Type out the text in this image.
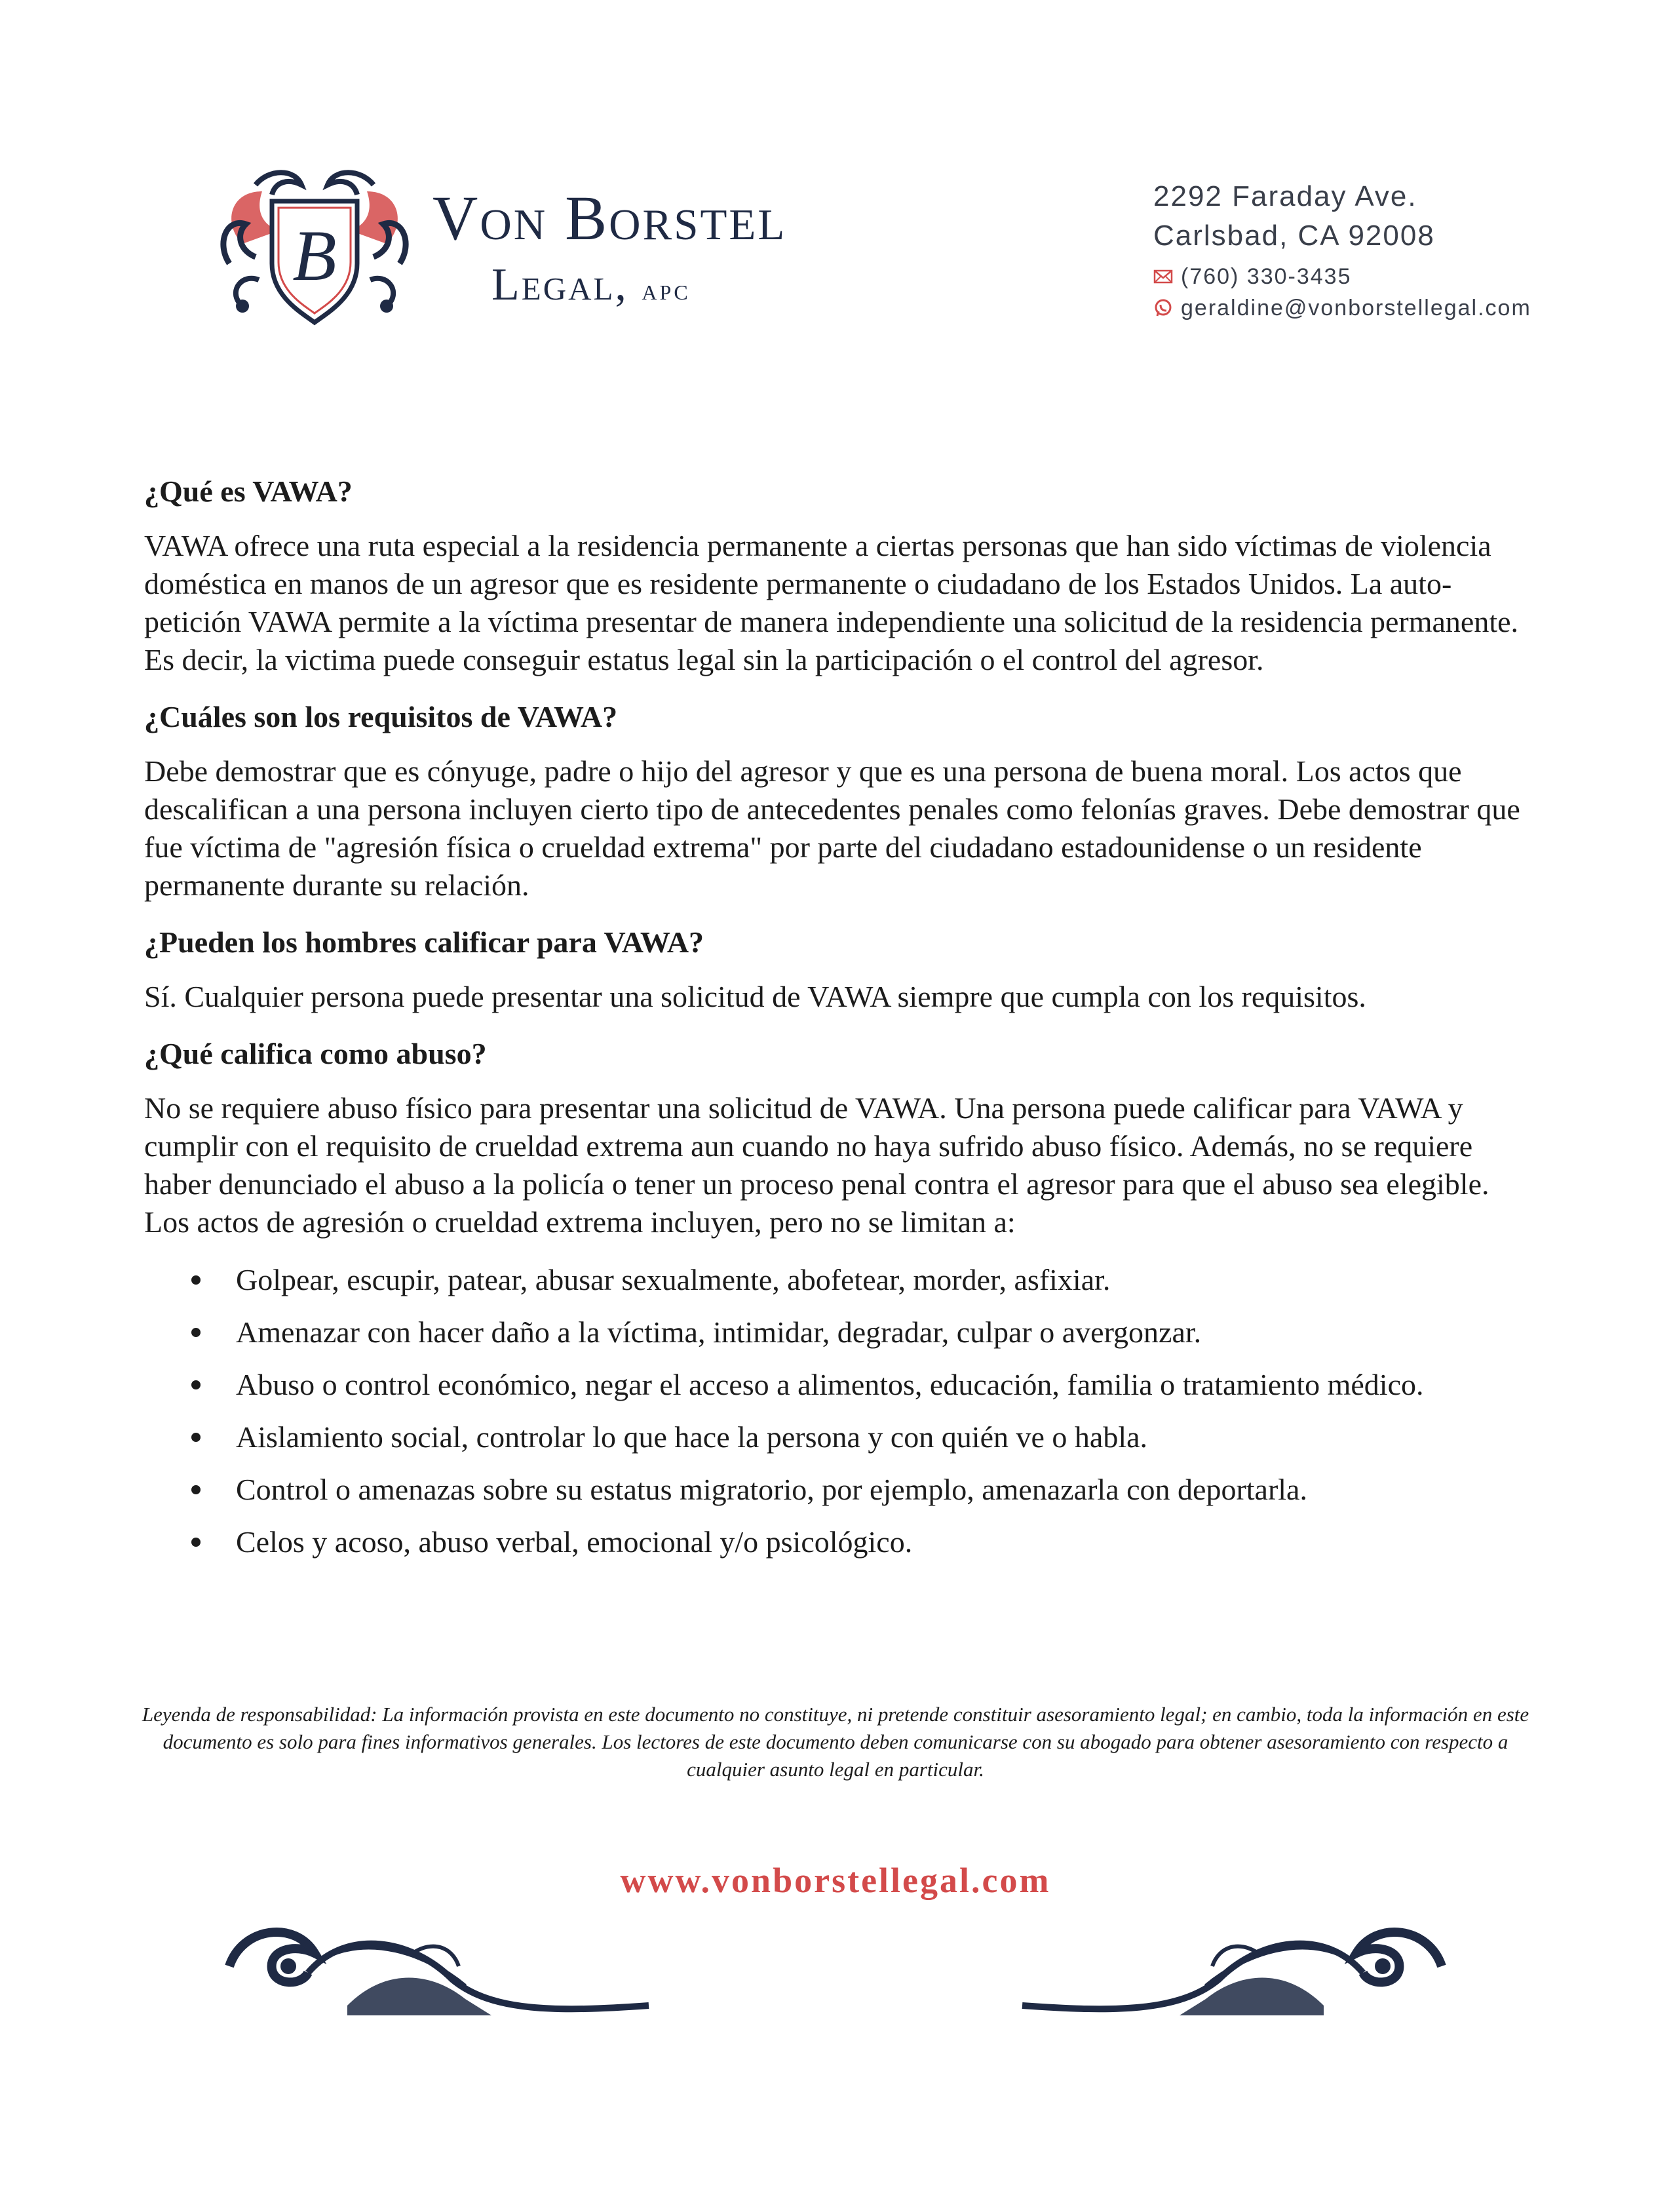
B Von Borstel
Legal, apc
2292 Faraday Ave.
Carlsbad, CA 92008
(760) 330-3435
geraldine@vonborstellegal.com
¿Qué es VAWA?
VAWA ofrece una ruta especial a la residencia permanente a ciertas personas que han sido víctimas de violencia doméstica en manos de un agresor que es residente permanente o ciudadano de los Estados Unidos. La auto-petición VAWA permite a la víctima presentar de manera independiente una solicitud de la residencia permanente. Es decir, la victima puede conseguir estatus legal sin la participación o el control del agresor.
¿Cuáles son los requisitos de VAWA?
Debe demostrar que es cónyuge, padre o hijo del agresor y que es una persona de buena moral. Los actos que descalifican a una persona incluyen cierto tipo de antecedentes penales como felonías graves. Debe demostrar que fue víctima de "agresión física o crueldad extrema" por parte del ciudadano estadounidense o un residente permanente durante su relación.
¿Pueden los hombres calificar para VAWA?
Sí. Cualquier persona puede presentar una solicitud de VAWA siempre que cumpla con los requisitos.
¿Qué califica como abuso?
No se requiere abuso físico para presentar una solicitud de VAWA. Una persona puede calificar para VAWA y cumplir con el requisito de crueldad extrema aun cuando no haya sufrido abuso físico. Además, no se requiere haber denunciado el abuso a la policía o tener un proceso penal contra el agresor para que el abuso sea elegible. Los actos de agresión o crueldad extrema incluyen, pero no se limitan a:
Golpear, escupir, patear, abusar sexualmente, abofetear, morder, asfixiar.
Amenazar con hacer daño a la víctima, intimidar, degradar, culpar o avergonzar.
Abuso o control económico, negar el acceso a alimentos, educación, familia o tratamiento médico.
Aislamiento social, controlar lo que hace la persona y con quién ve o habla.
Control o amenazas sobre su estatus migratorio, por ejemplo, amenazarla con deportarla.
Celos y acoso, abuso verbal, emocional y/o psicológico.
Leyenda de responsabilidad: La información provista en este documento no constituye, ni pretende constituir asesoramiento legal; en cambio, toda la información en este documento es solo para fines informativos generales. Los lectores de este documento deben comunicarse con su abogado para obtener asesoramiento con respecto a cualquier asunto legal en particular.
www.vonborstellegal.com
